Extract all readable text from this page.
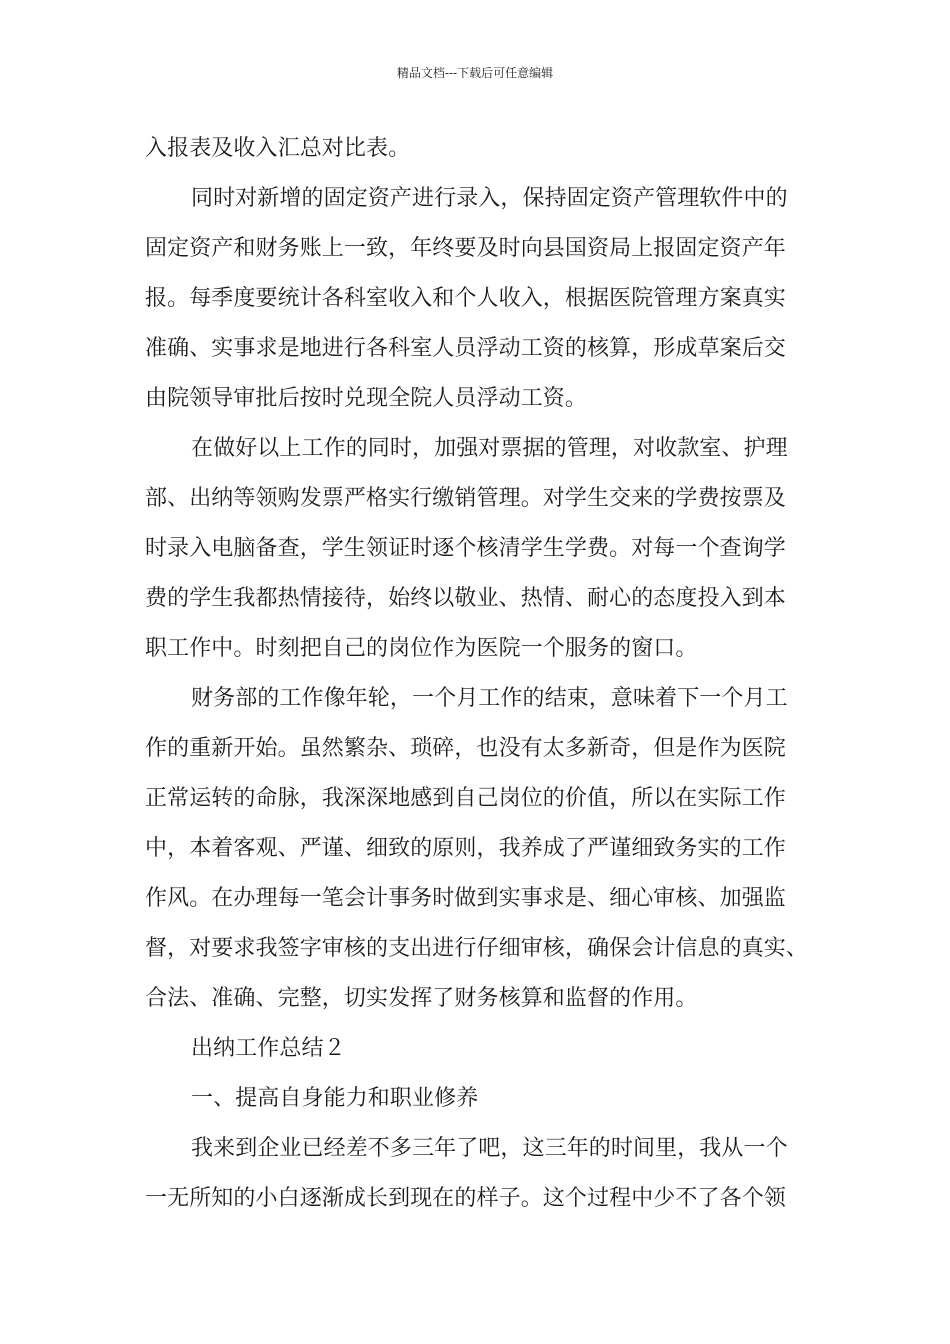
精品文档---下载后可任意编辑
入报表及收入汇总对比表。
同时对新增的固定资产进行录入，保持固定资产管理软件中的
固定资产和财务账上一致，年终要及时向县国资局上报固定资产年
报。每季度要统计各科室收入和个人收入，根据医院管理方案真实
准确、实事求是地进行各科室人员浮动工资的核算，形成草案后交
由院领导审批后按时兑现全院人员浮动工资。
在做好以上工作的同时，加强对票据的管理，对收款室、护理
部、出纳等领购发票严格实行缴销管理。对学生交来的学费按票及
时录入电脑备查，学生领证时逐个核清学生学费。对每一个查询学
费的学生我都热情接待，始终以敬业、热情、耐心的态度投入到本
职工作中。时刻把自己的岗位作为医院一个服务的窗口。
财务部的工作像年轮，一个月工作的结束，意味着下一个月工
作的重新开始。虽然繁杂、琐碎，也没有太多新奇，但是作为医院
正常运转的命脉，我深深地感到自己岗位的价值，所以在实际工作
中，本着客观、严谨、细致的原则，我养成了严谨细致务实的工作
作风。在办理每一笔会计事务时做到实事求是、细心审核、加强监
督，对要求我签字审核的支出进行仔细审核，确保会计信息的真实、
合法、准确、完整，切实发挥了财务核算和监督的作用。
出纳工作总结２
一、提高自身能力和职业修养
我来到企业已经差不多三年了吧，这三年的时间里，我从一个
一无所知的小白逐渐成长到现在的样子。这个过程中少不了各个领
